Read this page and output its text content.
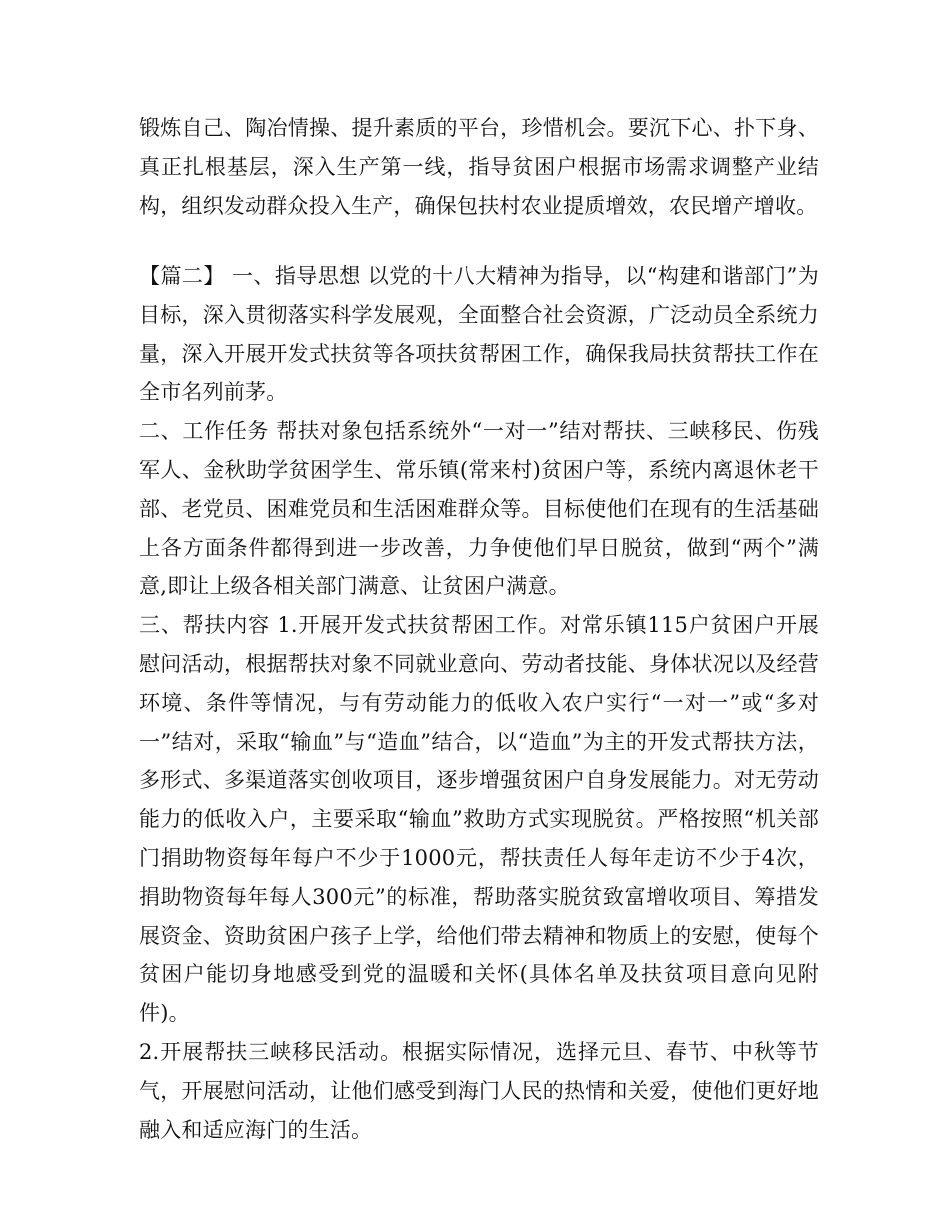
锻炼自己、陶冶情操、提升素质的平台，珍惜机会。要沉下心、扑下身、真正扎根基层，深入生产第一线，指导贫困户根据市场需求调整产业结构，组织发动群众投入生产，确保包扶村农业提质增效，农民增产增收。

【篇二】 一、指导思想 以党的十八大精神为指导，以“构建和谐部门”为目标，深入贯彻落实科学发展观，全面整合社会资源，广泛动员全系统力量，深入开展开发式扶贫等各项扶贫帮困工作，确保我局扶贫帮扶工作在全市名列前茅。

二、工作任务 帮扶对象包括系统外“一对一”结对帮扶、三峡移民、伤残军人、金秋助学贫困学生、常乐镇(常来村)贫困户等，系统内离退休老干部、老党员、困难党员和生活困难群众等。目标使他们在现有的生活基础上各方面条件都得到进一步改善，力争使他们早日脱贫，做到“两个”满意,即让上级各相关部门满意、让贫困户满意。

三、帮扶内容 1.开展开发式扶贫帮困工作。对常乐镇115户贫困户开展慰问活动，根据帮扶对象不同就业意向、劳动者技能、身体状况以及经营环境、条件等情况，与有劳动能力的低收入农户实行“一对一”或“多对一”结对，采取“输血”与“造血”结合，以“造血”为主的开发式帮扶方法，多形式、多渠道落实创收项目，逐步增强贫困户自身发展能力。对无劳动能力的低收入户，主要采取“输血”救助方式实现脱贫。严格按照“机关部门捐助物资每年每户不少于1000元，帮扶责任人每年走访不少于4次，捐助物资每年每人300元”的标准，帮助落实脱贫致富增收项目、筹措发展资金、资助贫困户孩子上学，给他们带去精神和物质上的安慰，使每个贫困户能切身地感受到党的温暖和关怀(具体名单及扶贫项目意向见附件)。

2.开展帮扶三峡移民活动。根据实际情况，选择元旦、春节、中秋等节气，开展慰问活动，让他们感受到海门人民的热情和关爱，使他们更好地融入和适应海门的生活。
